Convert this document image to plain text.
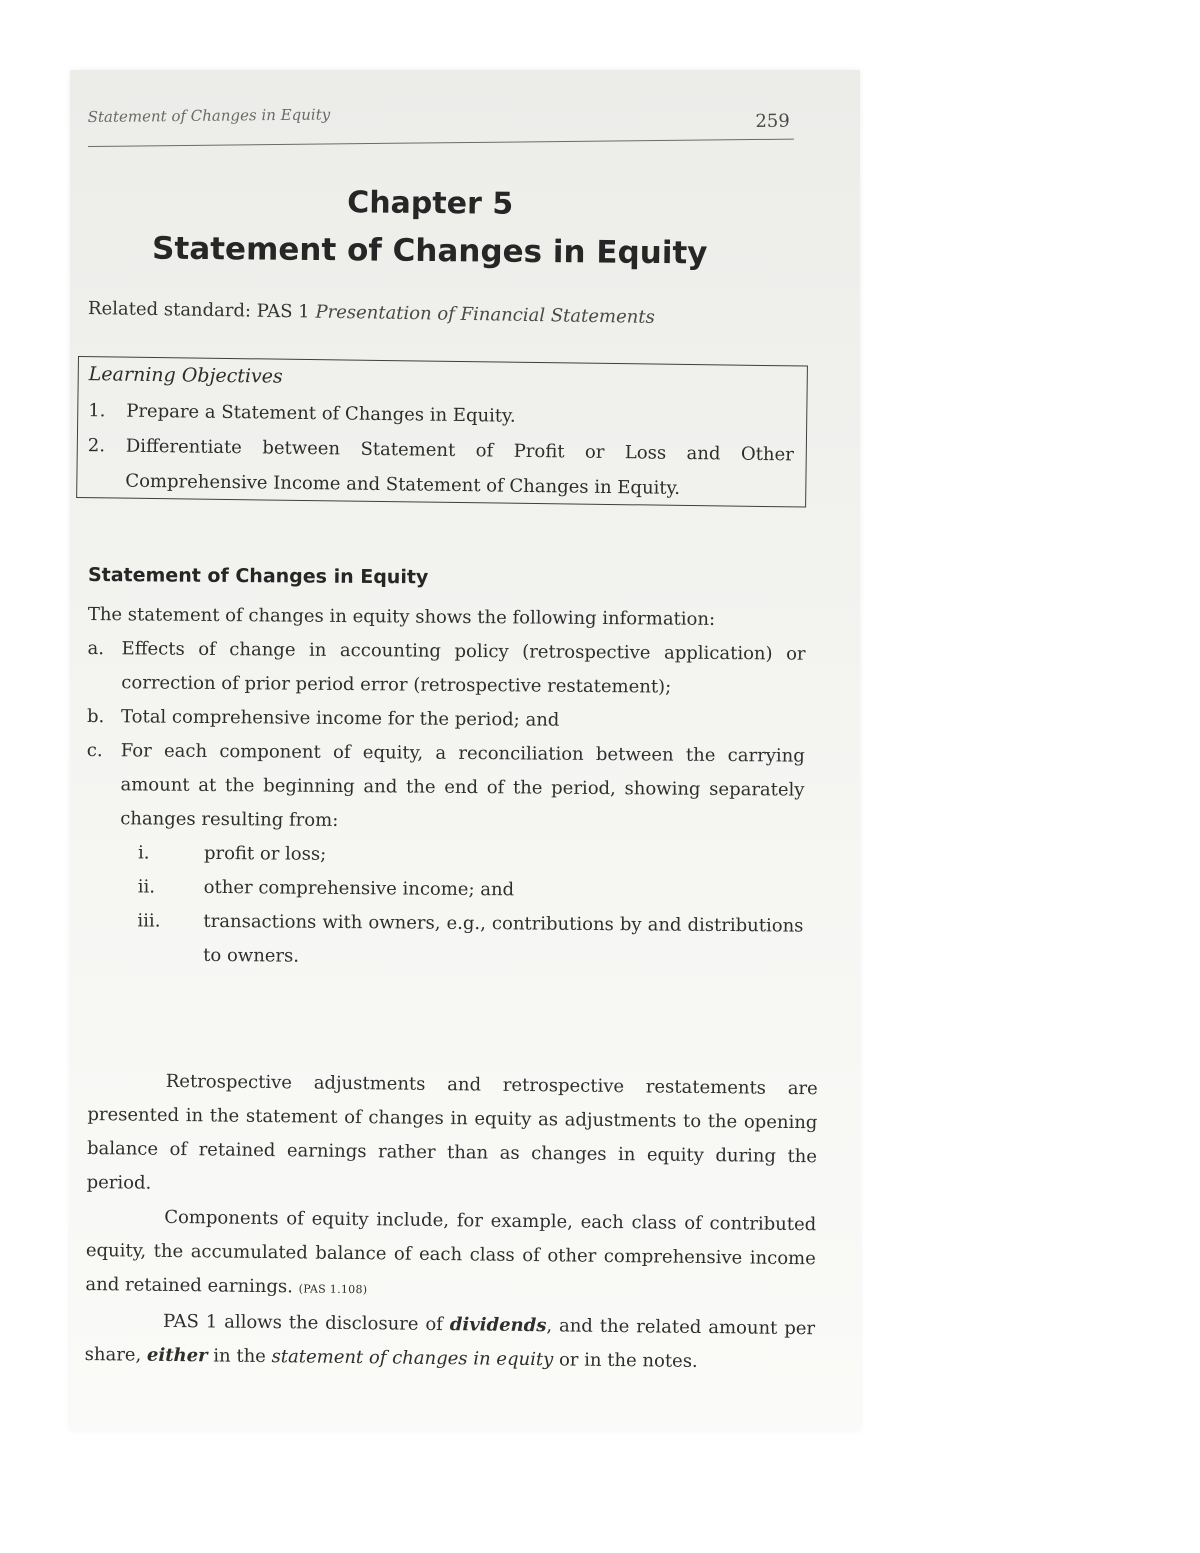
Statement of Changes in Equity	259
Chapter 5
Statement of Changes in Equity
Related standard: PAS 1 Presentation of Financial Statements
Learning Objectives
1. Prepare a Statement of Changes in Equity.
2. Differentiate between Statement of Profit or Loss and Other Comprehensive Income and Statement of Changes in Equity.
Statement of Changes in Equity

The statement of changes in equity shows the following information:

a. Effects of change in accounting policy (retrospective application) or correction of prior period error (retrospective restatement);
b. Total comprehensive income for the period; and
c. For each component of equity, a reconciliation between the carrying amount at the beginning and the end of the period, showing separately changes resulting from:
i.	profit or loss;
ii.	other comprehensive income; and
iii. transactions with owners, e.g., contributions by and distributions to owners.

Retrospective adjustments and retrospective restatements are presented in the statement of changes in equity as adjustments to the opening balance of retained earnings rather than as changes in equity during the period.

Components of equity include, for example, each class of contributed equity, the accumulated balance of each class of other comprehensive income and retained earnings. (PAS 1.108)

PAS 1 allows the disclosure of dividends, and the related amount per share, either in the statement of changes in equity or in the notes.
